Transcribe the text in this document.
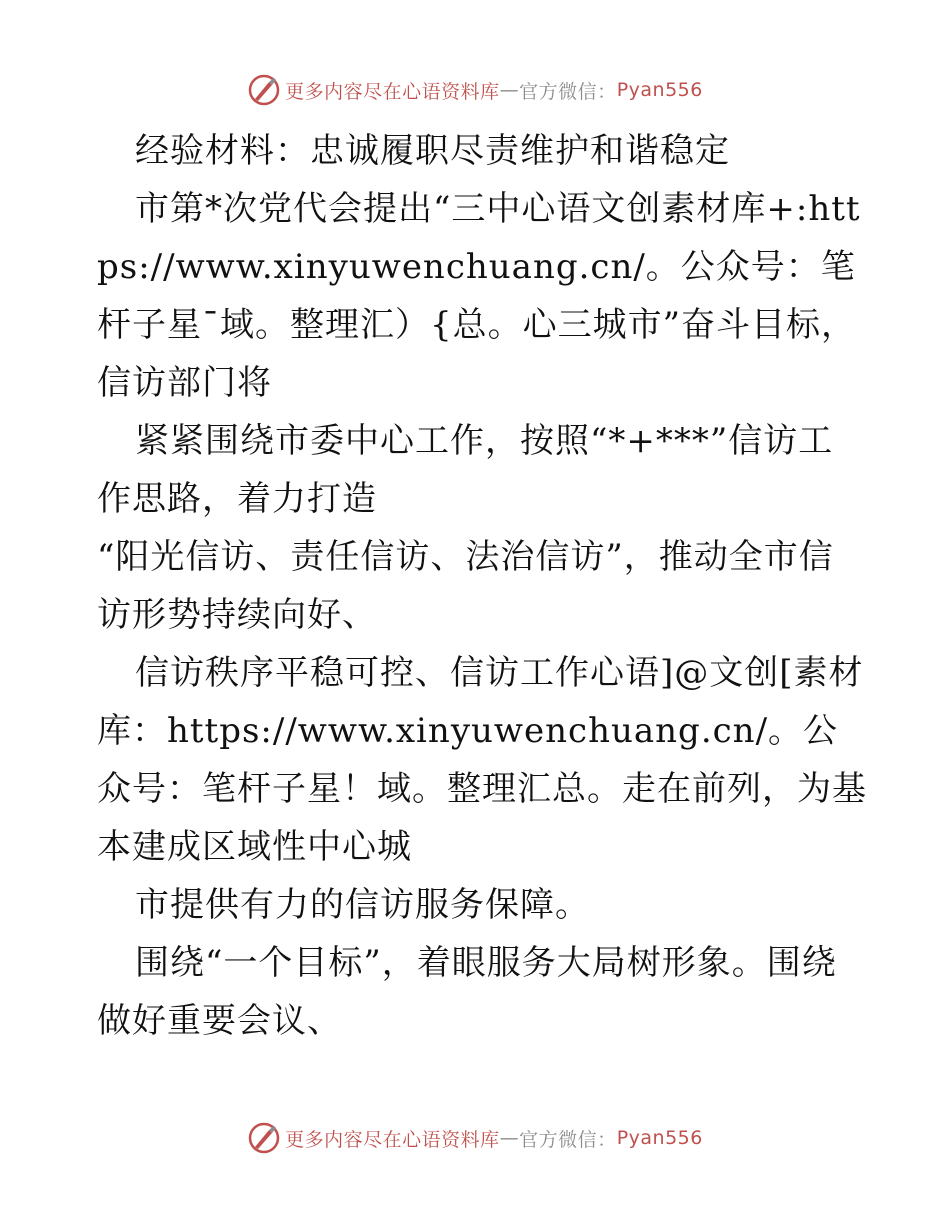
更多内容尽在心语资料库 — 官方微信： Pyan556

经验材料：忠诚履职尽责维护和谐稳定

市第*次党代会提出“三中心语文创素材库+:https://www.xinyuwenchuang.cn/。公众号：笔杆子星¯域。整理汇）{总。心三城市”奋斗目标，信访部门将

紧紧围绕市委中心工作，按照“*+***”信访工作思路，着力打造

“阳光信访、责任信访、法治信访”，推动全市信访形势持续向好、

信访秩序平稳可控、信访工作心语]@文创[素材库：https://www.xinyuwenchuang.cn/。公众号：笔杆子星！域。整理汇总。走在前列，为基本建成区域性中心城

市提供有力的信访服务保障。

围绕“一个目标”，着眼服务大局树形象。围绕做好重要会议、

更多内容尽在心语资料库 — 官方微信： Pyan556
